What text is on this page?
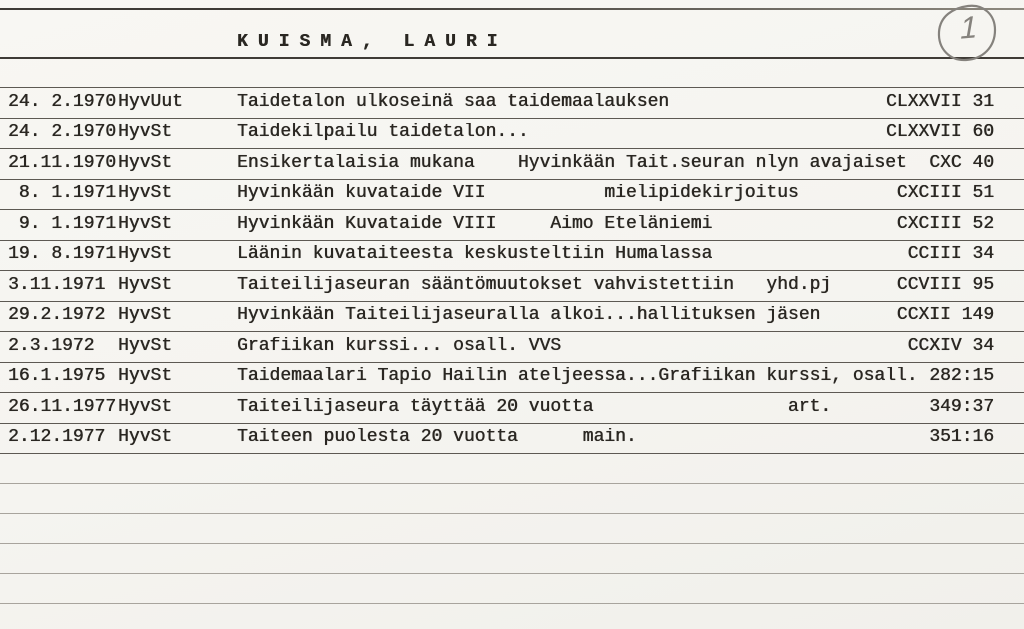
KUISMA, LAURI
24. 2.1970 HyvUut	Taidetalon ulkoseinä saa taidemaalauksen	CLXXVII 31
24. 2.1970 HyvSt	Taidekilpailu taidetalon...	CLXXVII 60
21.11.1970 HyvSt	Ensikertalaisia mukana    Hyvinkään Tait.seuran nlyn avajaiset CXC 40
8. 1.1971 HyvSt	Hyvinkään kuvataide VII           mielipidekirjoitus	CXCIII 51
9. 1.1971 HyvSt	Hyvinkään Kuvataide VIII     Aimo Eteläniemi	CXCIII 52
19. 8.1971 HyvSt	Läänin kuvataiteesta keskusteltiin Humalassa	CCIII 34
3.11.1971 HyvSt	Taiteilijaseuran sääntömuutokset vahvistettiin   yhd.pj	CCVIII 95
29.2.1972 HyvSt	Hyvinkään Taiteilijaseuralla alkoi...hallituksen jäsen	CCXII 149
2.3.1972	HyvSt	Grafiikan kurssi... osall. VVS	CCXIV 34
16.1.1975 HyvSt	Taidemaalari Tapio Hailin ateljeessa...Grafiikan kurssi, osall. 282:15
26.11.1977 HyvSt	Taiteilijaseura täyttää 20 vuotta                  art.	349:37
2.12.1977 HyvSt	Taiteen puolesta 20 vuotta      main.	351:16
1
